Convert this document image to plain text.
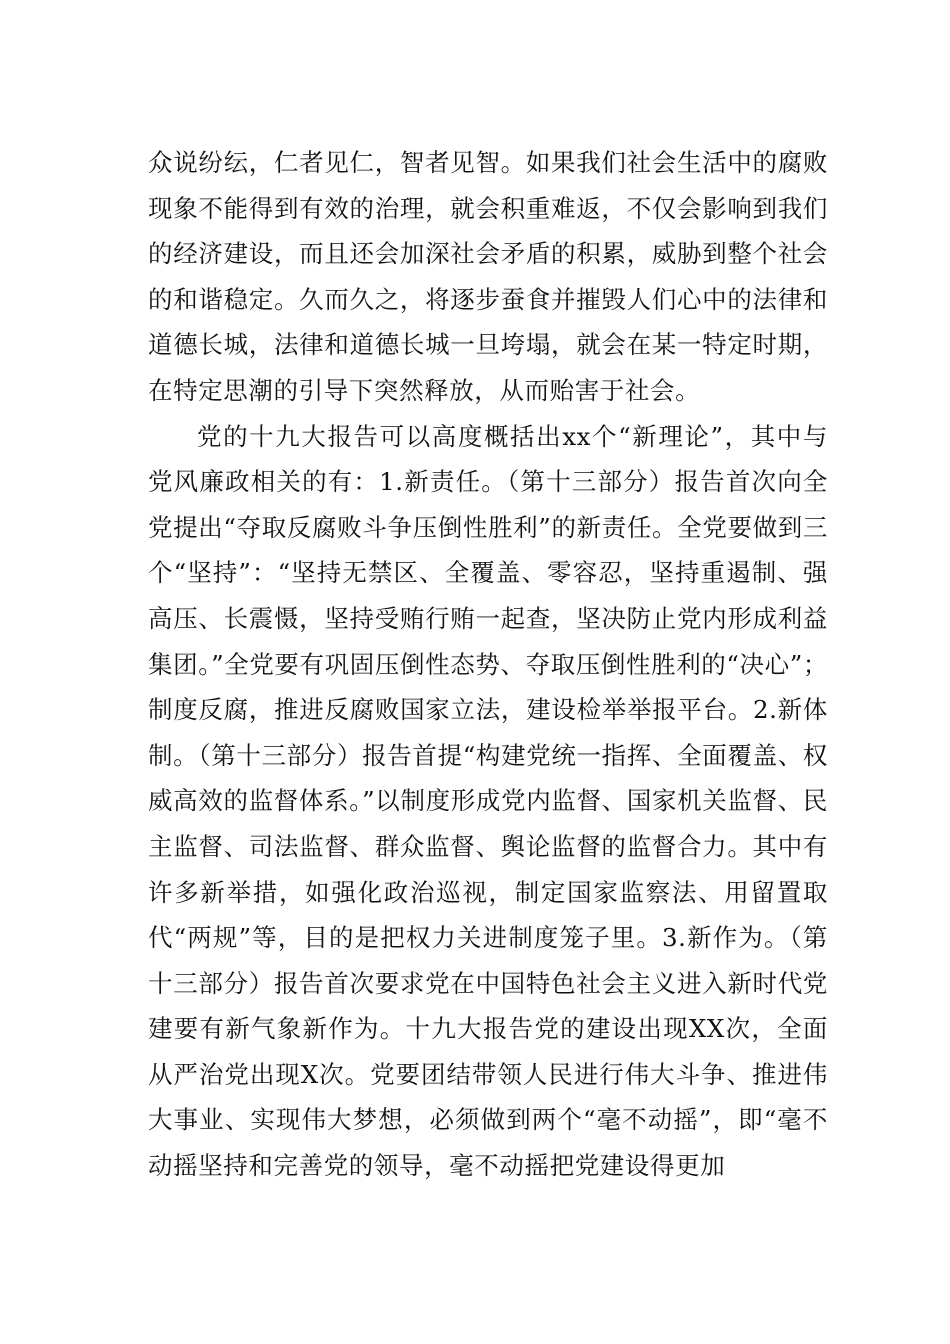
众说纷纭，仁者见仁，智者见智。如果我们社会生活中的腐败现象不能得到有效的治理，就会积重难返，不仅会影响到我们的经济建设，而且还会加深社会矛盾的积累，威胁到整个社会的和谐稳定。久而久之，将逐步蚕食并摧毁人们心中的法律和道德长城，法律和道德长城一旦垮塌，就会在某一特定时期，在特定思潮的引导下突然释放，从而贻害于社会。

党的十九大报告可以高度概括出xx个“新理论”，其中与党风廉政相关的有：1.新责任。（第十三部分）报告首次向全党提出“夺取反腐败斗争压倒性胜利”的新责任。全党要做到三个“坚持”：“坚持无禁区、全覆盖、零容忍，坚持重遏制、强高压、长震慑，坚持受贿行贿一起查，坚决防止党内形成利益集团。”全党要有巩固压倒性态势、夺取压倒性胜利的“决心”；制度反腐，推进反腐败国家立法，建设检举举报平台。2.新体制。（第十三部分）报告首提“构建党统一指挥、全面覆盖、权威高效的监督体系。”以制度形成党内监督、国家机关监督、民主监督、司法监督、群众监督、舆论监督的监督合力。其中有许多新举措，如强化政治巡视，制定国家监察法、用留置取代“两规”等，目的是把权力关进制度笼子里。3.新作为。（第十三部分）报告首次要求党在中国特色社会主义进入新时代党建要有新气象新作为。十九大报告党的建设出现XX次，全面从严治党出现X次。党要团结带领人民进行伟大斗争、推进伟大事业、实现伟大梦想，必须做到两个“毫不动摇”，即“毫不动摇坚持和完善党的领导，毫不动摇把党建设得更加
